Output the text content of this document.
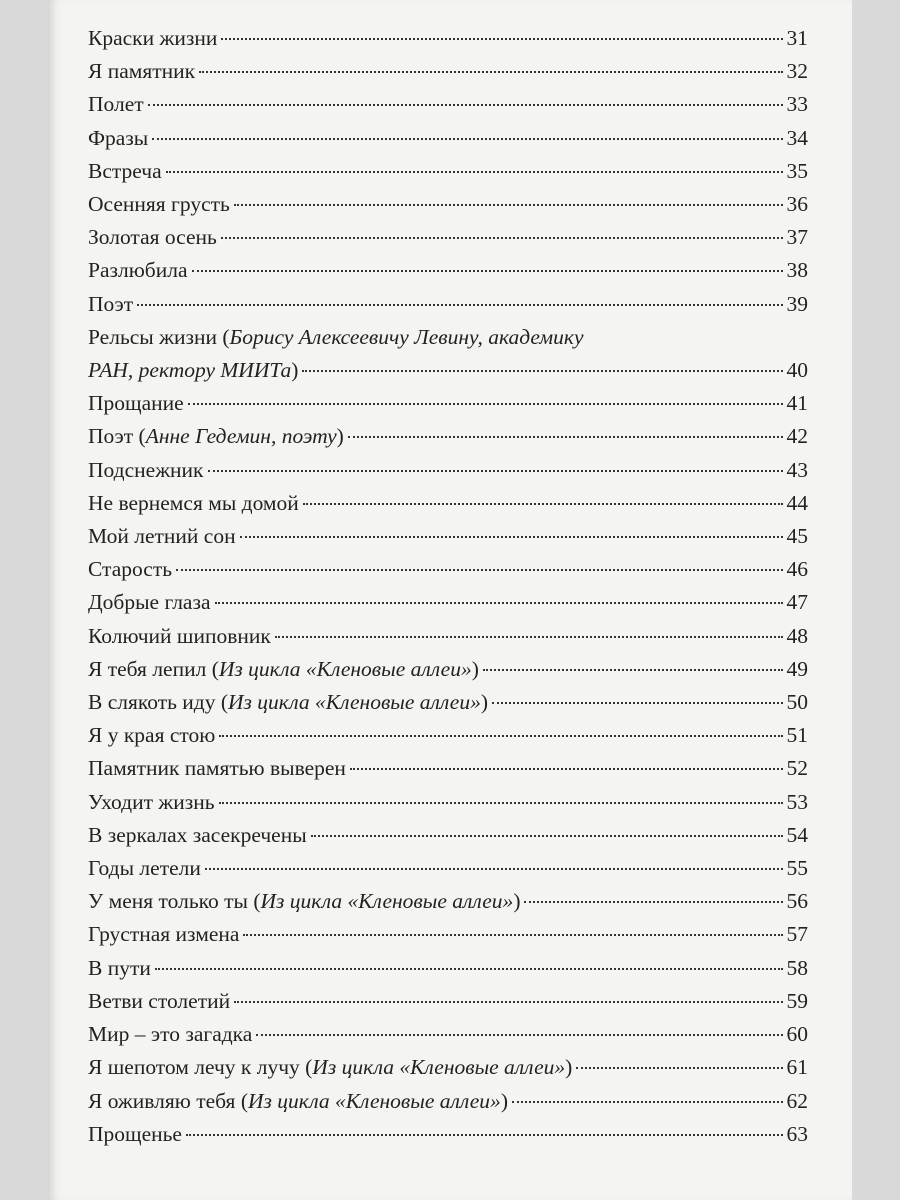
Краски жизни	31
Я памятник	32
Полет	33
Фразы	34
Встреча	35
Осенняя грусть	36
Золотая осень	37
Разлюбила	38
Поэт	39
Рельсы жизни (Борису Алексеевичу Левину, академику
РАН, ректору МИИТа)	40
Прощание	41
Поэт (Анне Гедемин, поэту)	42
Подснежник	43
Не вернемся мы домой	44
Мой летний сон	45
Старость	46
Добрые глаза	47
Колючий шиповник	48
Я тебя лепил (Из цикла «Кленовые аллеи»)	49
В слякоть иду (Из цикла «Кленовые аллеи»)	50
Я у края стою	51
Памятник памятью выверен	52
Уходит жизнь	53
В зеркалах засекречены	54
Годы летели	55
У меня только ты (Из цикла «Кленовые аллеи»)	56
Грустная измена	57
В пути	58
Ветви столетий	59
Мир – это загадка	60
Я шепотом лечу к лучу (Из цикла «Кленовые аллеи»)	61
Я оживляю тебя (Из цикла «Кленовые аллеи»)	62
Прощенье	63
